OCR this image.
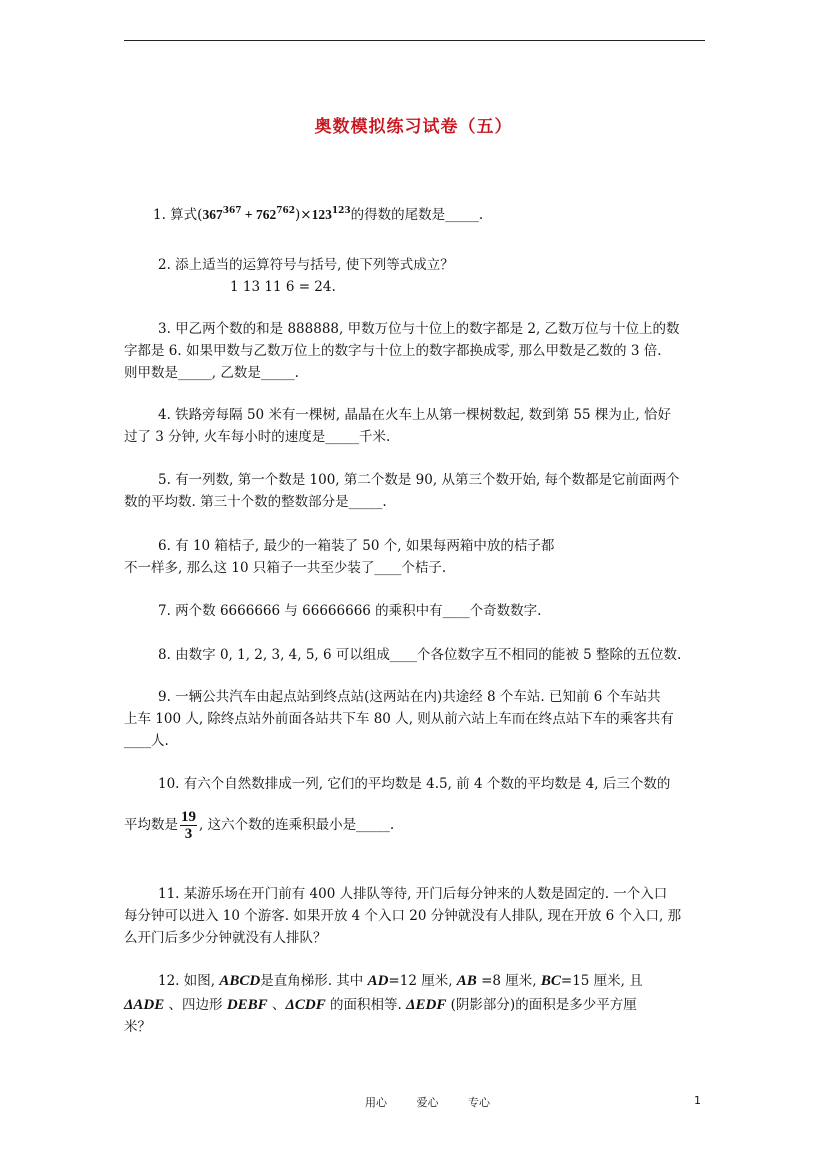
奥数模拟练习试卷（五）
1. 算式$(367^{367} + 762^{762})\times 123^{123}$的得数的尾数是_____.
2. 添上适当的运算符号与括号, 使下列等式成立？
1 13 11 6 = 24.
3. 甲乙两个数的和是 888888, 甲数万位与十位上的数字都是 2, 乙数万位与十位上的数
字都是 6. 如果甲数与乙数万位上的数字与十位上的数字都换成零, 那么甲数是乙数的 3 倍.
则甲数是_____, 乙数是_____.
4. 铁路旁每隔 50 米有一棵树, 晶晶在火车上从第一棵树数起, 数到第 55 棵为止, 恰好
过了 3 分钟, 火车每小时的速度是_____千米.
5. 有一列数, 第一个数是 100, 第二个数是 90, 从第三个数开始, 每个数都是它前面两个
数的平均数. 第三十个数的整数部分是_____.
6. 有 10 箱桔子, 最少的一箱装了 50 个, 如果每两箱中放的桔子都
不一样多, 那么这 10 只箱子一共至少装了____个桔子.
7. 两个数 6666666 与 66666666 的乘积中有____个奇数数字.
8. 由数字 0, 1, 2, 3, 4, 5, 6 可以组成____个各位数字互不相同的能被 5 整除的五位数.
9. 一辆公共汽车由起点站到终点站(这两站在内)共途经 8 个车站. 已知前 6 个车站共
上车 100 人, 除终点站外前面各站共下车 80 人, 则从前六站上车而在终点站下车的乘客共有
____人.
10. 有六个自然数排成一列, 它们的平均数是 4.5, 前 4 个数的平均数是 4, 后三个数的
平均数是 $\frac{19}{3}$ , 这六个数的连乘积最小是_____.
11. 某游乐场在开门前有 400 人排队等待, 开门后每分钟来的人数是固定的. 一个入口
每分钟可以进入 10 个游客. 如果开放 4 个入口 20 分钟就没有人排队, 现在开放 6 个入口, 那
么开门后多少分钟就没有人排队？
12. 如图, ABCD是直角梯形. 其中 AD=12 厘米, AB =8 厘米, BC=15 厘米, 且
ΔADE 、四边形 DEBF 、ΔCDF 的面积相等. ΔEDF (阴影部分)的面积是多少平方厘
米？
用心 爱心 专心	1
